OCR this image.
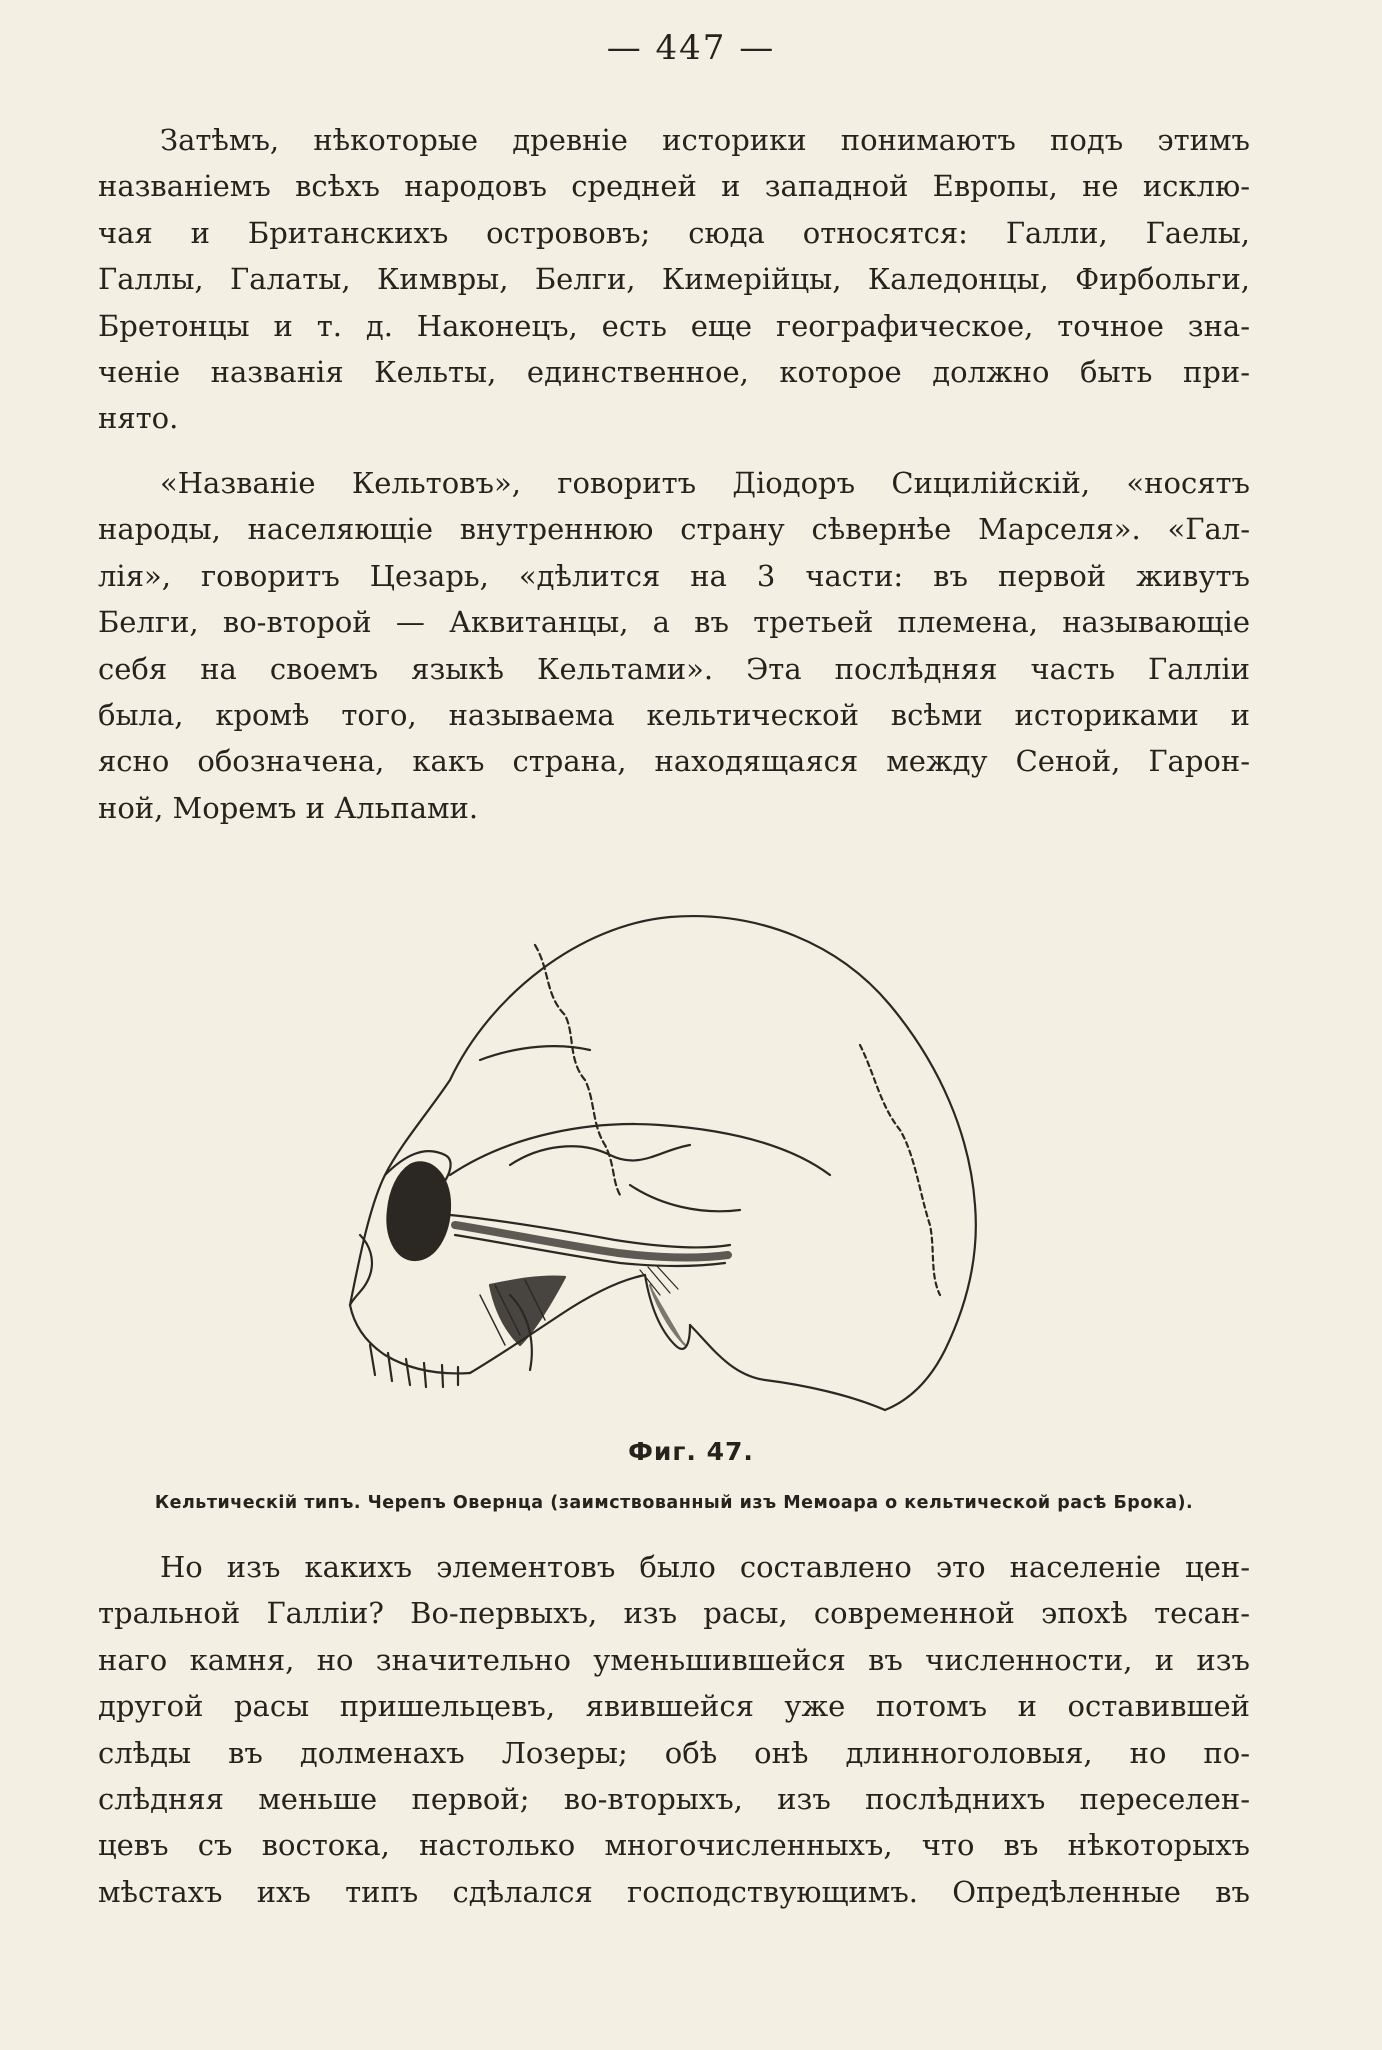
— 447 —
Затѣмъ, нѣкоторые древніе историки понимаютъ подъ этимъ
названіемъ всѣхъ народовъ средней и западной Европы, не исклю-
чая и Британскихъ острововъ; сюда относятся: Галли, Гаелы,
Галлы, Галаты, Кимвры, Белги, Кимерійцы, Каледонцы, Фирбольги,
Бретонцы и т. д. Наконецъ, есть еще географическое, точное зна-
ченіе названія Кельты, единственное, которое должно быть при-
нято.
«Названіе Кельтовъ», говоритъ Діодоръ Сицилійскій, «носятъ
народы, населяющіе внутреннюю страну сѣвернѣе Марселя». «Гал-
лія», говоритъ Цезарь, «дѣлится на 3 части: въ первой живутъ
Белги, во-второй — Аквитанцы, а въ третьей племена, называющіе
себя на своемъ языкѣ Кельтами». Эта послѣдняя часть Галліи
была, кромѣ того, называема кельтической всѣми историками и
ясно обозначена, какъ страна, находящаяся между Сеной, Гарон-
ной, Моремъ и Альпами.
Фиг. 47.
Кельтическій типъ. Черепъ Овернца (заимствованный изъ Мемоара о кельтической расѣ Брока).
Но изъ какихъ элементовъ было составлено это населеніе цен-
тральной Галліи? Во-первыхъ, изъ расы, современной эпохѣ тесан-
наго камня, но значительно уменьшившейся въ численности, и изъ
другой расы пришельцевъ, явившейся уже потомъ и оставившей
слѣды въ долменахъ Лозеры; обѣ онѣ длинноголовыя, но по-
слѣдняя меньше первой; во-вторыхъ, изъ послѣднихъ переселен-
цевъ съ востока, настолько многочисленныхъ, что въ нѣкоторыхъ
мѣстахъ ихъ типъ сдѣлался господствующимъ. Опредѣленные въ
